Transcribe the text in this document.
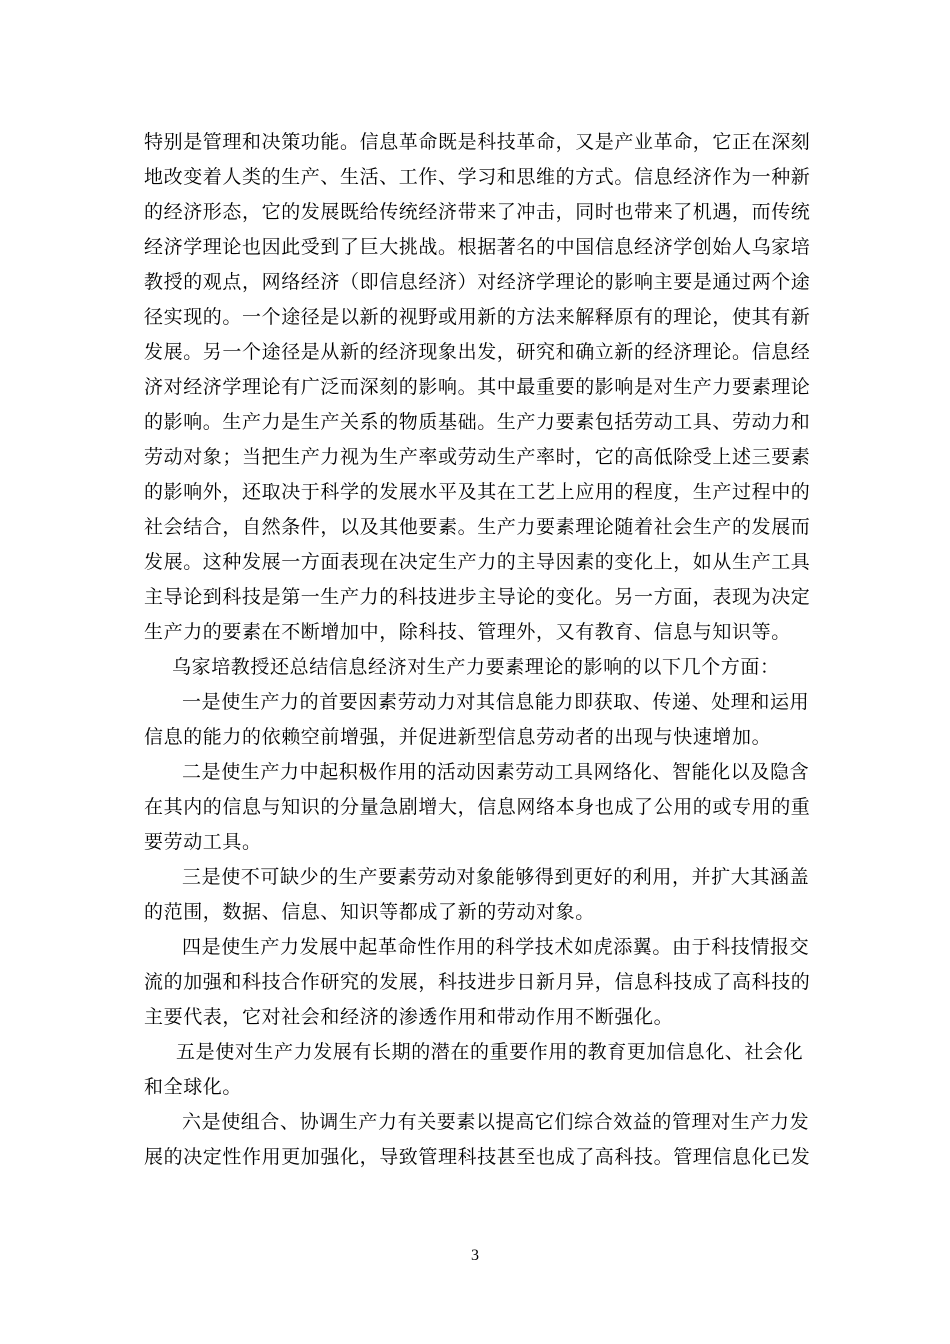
特别是管理和决策功能。信息革命既是科技革命，又是产业革命，它正在深刻
地改变着人类的生产、生活、工作、学习和思维的方式。信息经济作为一种新
的经济形态，它的发展既给传统经济带来了冲击，同时也带来了机遇，而传统
经济学理论也因此受到了巨大挑战。根据著名的中国信息经济学创始人乌家培
教授的观点，网络经济（即信息经济）对经济学理论的影响主要是通过两个途
径实现的。一个途径是以新的视野或用新的方法来解释原有的理论，使其有新
发展。另一个途径是从新的经济现象出发，研究和确立新的经济理论。信息经
济对经济学理论有广泛而深刻的影响。其中最重要的影响是对生产力要素理论
的影响。生产力是生产关系的物质基础。生产力要素包括劳动工具、劳动力和
劳动对象；当把生产力视为生产率或劳动生产率时，它的高低除受上述三要素
的影响外，还取决于科学的发展水平及其在工艺上应用的程度，生产过程中的
社会结合，自然条件，以及其他要素。生产力要素理论随着社会生产的发展而
发展。这种发展一方面表现在决定生产力的主导因素的变化上，如从生产工具
主导论到科技是第一生产力的科技进步主导论的变化。另一方面，表现为决定
生产力的要素在不断增加中，除科技、管理外，又有教育、信息与知识等。
乌家培教授还总结信息经济对生产力要素理论的影响的以下几个方面：
一是使生产力的首要因素劳动力对其信息能力即获取、传递、处理和运用
信息的能力的依赖空前增强，并促进新型信息劳动者的出现与快速增加。
二是使生产力中起积极作用的活动因素劳动工具网络化、智能化以及隐含
在其内的信息与知识的分量急剧增大，信息网络本身也成了公用的或专用的重
要劳动工具。
三是使不可缺少的生产要素劳动对象能够得到更好的利用，并扩大其涵盖
的范围，数据、信息、知识等都成了新的劳动对象。
四是使生产力发展中起革命性作用的科学技术如虎添翼。由于科技情报交
流的加强和科技合作研究的发展，科技进步日新月异，信息科技成了高科技的
主要代表，它对社会和经济的渗透作用和带动作用不断强化。
五是使对生产力发展有长期的潜在的重要作用的教育更加信息化、社会化
和全球化。
六是使组合、协调生产力有关要素以提高它们综合效益的管理对生产力发
展的决定性作用更加强化，导致管理科技甚至也成了高科技。管理信息化已发
3
